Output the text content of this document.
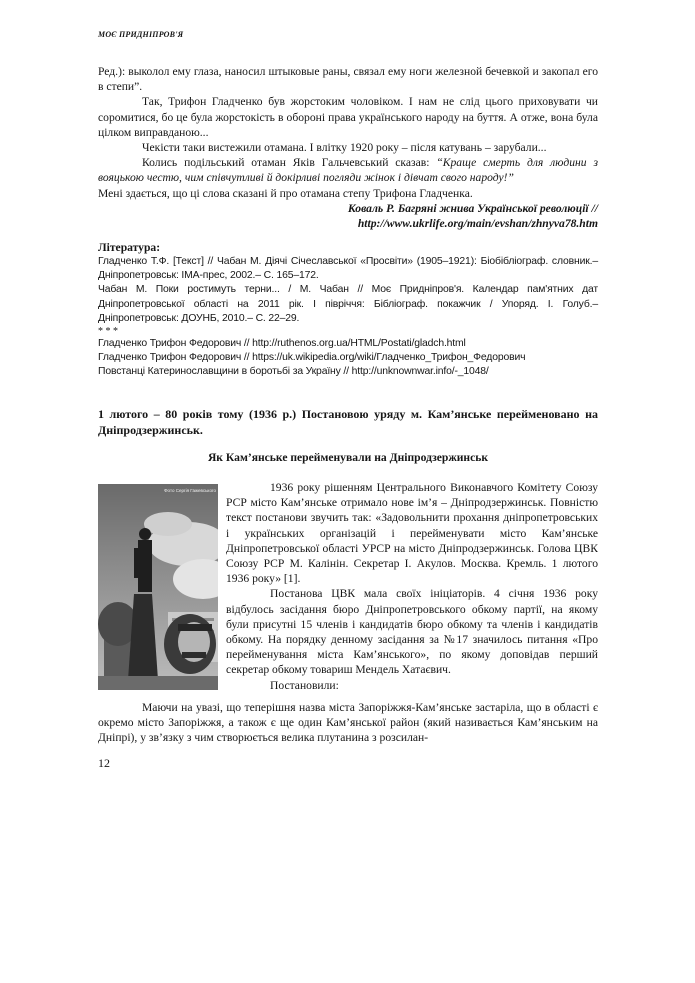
МОЄ ПРИДНІПРОВ'Я

Ред.): выколол ему глаза, наносил штыковые раны, связал ему ноги железной бечевкой и закопал его в степи”.

Так, Трифон Гладченко був жорстоким чоловіком. І нам не слід цього приховувати чи соромитися, бо це була жорстокість в обороні права українського народу на буття. А отже, вона була цілком виправданою...

Чекісти таки вистежили отамана. І влітку 1920 року – після катувань – зарубали...

Колись подільський отаман Яків Гальчевський сказав: “Краще смерть для людини з вояцькою честю, чим співчутливі й докірливі погляди жінок і дівчат свого народу!”

Мені здається, що ці слова сказані й про отамана степу Трифона Гладченка.

Коваль Р. Багряні жнива Української революції //

http://www.ukrlife.org/main/evshan/zhnyva78.htm

Література:

Гладченко Т.Ф. [Текст] // Чабан М. Діячі Січеславської «Просвіти» (1905–1921): Біобібліограф. словник.– Дніпропетровськ: ІМА-прес, 2002.– С. 165–172.

Чабан М. Поки ростимуть терни... / М. Чабан // Моє Придніпров'я. Календар пам'ятних дат Дніпропетровської області на 2011 рік. І півріччя: Бібліограф. покажчик / Упоряд. І. Голуб.– Дніпропетровськ: ДОУНБ, 2010.– С. 22–29.

* * *

Гладченко Трифон Федорович // http://ruthenos.org.ua/HTML/Postati/gladch.html

Гладченко Трифон Федорович // https://uk.wikipedia.org/wiki/Гладченко_Трифон_Федорович

Повстанці Катеринославщини в боротьбі за Україну // http://unknownwar.info/-_1048/

1 лютого – 80 років тому (1936 р.) Постановою уряду м. Кам’янське перейменовано на Дніпродзержинськ.

Як Кам’янське перейменували на Дніпродзержинськ

Фото Сергія Гажевського	1936 року рішенням Центрального Виконавчого Комітету Союзу РСР місто Кам’янське отримало нове ім’я – Дніпродзержинськ. Повністю текст постанови звучить так: «Задовольнити прохання дніпропетровських і українських організацій і перейменувати місто Кам’янське Дніпропетровської області УРСР на місто Дніпродзержинськ. Голова ЦВК Союзу РСР М. Калінін. Секретар І. Акулов. Москва. Кремль. 1 лютого 1936 року» [1].

Постанова ЦВК мала своїх ініціаторів. 4 січня 1936 року відбулось засідання бюро Дніпропетровського обкому партії, на якому були присутні 15 членів і кандидатів бюро обкому та членів і кандидатів обкому. На порядку денному засідання за №17 значилось питання «Про перейменування міста Кам’янського», по якому доповідав перший секретар обкому товариш Мендель Хатаєвич.

Постановили:

Маючи на увазі, що теперішня назва міста Запоріжжя-Кам’янське застаріла, що в області є окремо місто Запоріжжя, а також є ще один Кам’янської район (який називається Кам’янським на Дніпрі), у зв’язку з чим створюється велика плутанина з розсилан-

12
